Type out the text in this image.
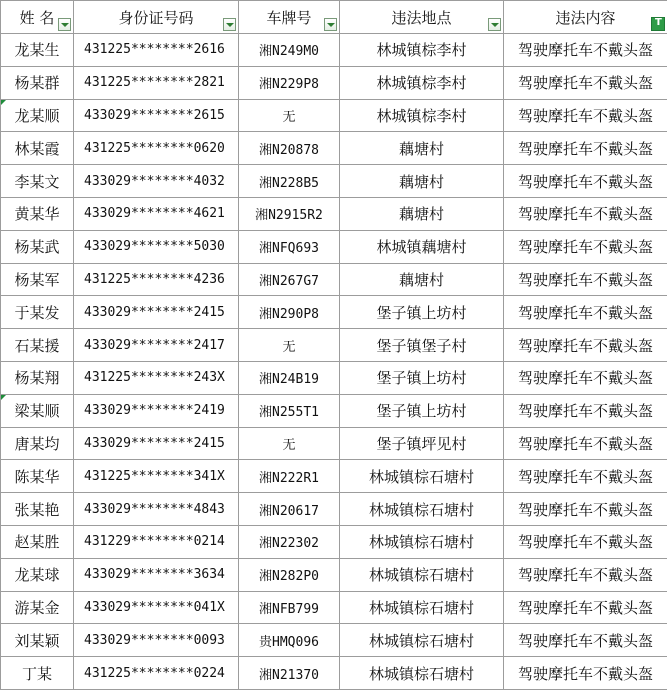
姓 名	身份证号码	车牌号	违法地点	违法内容
T

龙某生	431225********2616	湘N249M0	林城镇棕李村	驾驶摩托车不戴头盔
杨某群	431225********2821	湘N229P8	林城镇棕李村	驾驶摩托车不戴头盔
龙某顺	433029********2615	无	林城镇棕李村	驾驶摩托车不戴头盔
林某霞	431225********0620	湘N20878	藕塘村	驾驶摩托车不戴头盔
李某文	433029********4032	湘N228B5	藕塘村	驾驶摩托车不戴头盔
黄某华	433029********4621	湘N2915R2	藕塘村	驾驶摩托车不戴头盔
杨某武	433029********5030	湘NFQ693	林城镇藕塘村	驾驶摩托车不戴头盔
杨某军	431225********4236	湘N267G7	藕塘村	驾驶摩托车不戴头盔
于某发	433029********2415	湘N290P8	堡子镇上坊村	驾驶摩托车不戴头盔
石某援	433029********2417	无	堡子镇堡子村	驾驶摩托车不戴头盔
杨某翔	431225********243X	湘N24B19	堡子镇上坊村	驾驶摩托车不戴头盔
梁某顺	433029********2419	湘N255T1	堡子镇上坊村	驾驶摩托车不戴头盔
唐某均	433029********2415	无	堡子镇坪见村	驾驶摩托车不戴头盔
陈某华	431225********341X	湘N222R1	林城镇棕石塘村	驾驶摩托车不戴头盔
张某艳	433029********4843	湘N20617	林城镇棕石塘村	驾驶摩托车不戴头盔
赵某胜	431229********0214	湘N22302	林城镇棕石塘村	驾驶摩托车不戴头盔
龙某球	433029********3634	湘N282P0	林城镇棕石塘村	驾驶摩托车不戴头盔
游某金	433029********041X	湘NFB799	林城镇棕石塘村	驾驶摩托车不戴头盔
刘某颖	433029********0093	贵HMQ096	林城镇棕石塘村	驾驶摩托车不戴头盔
丁某	431225********0224	湘N21370	林城镇棕石塘村	驾驶摩托车不戴头盔
